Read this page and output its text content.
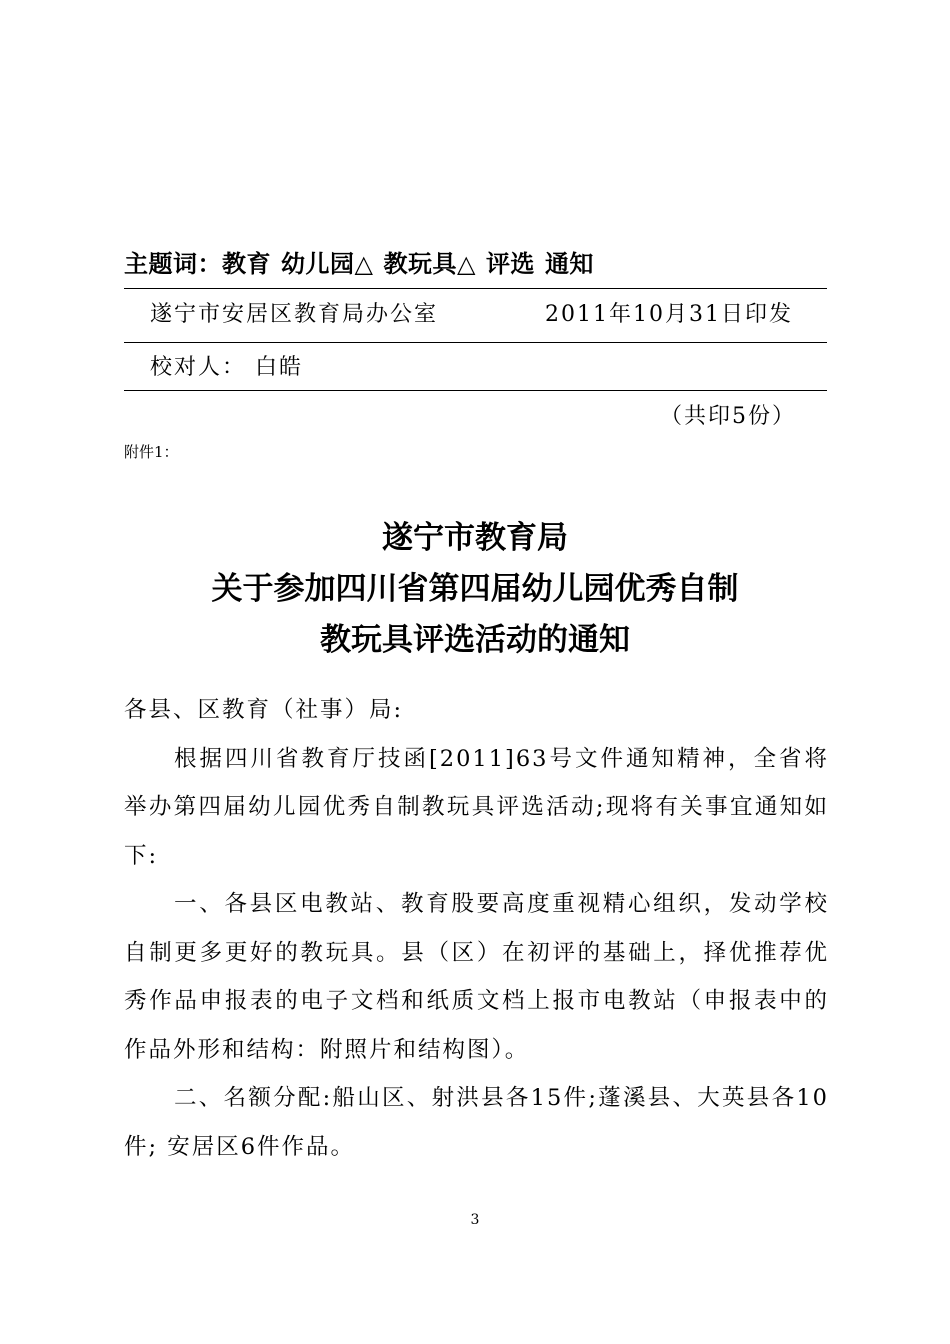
主题词：教育 幼儿园△ 教玩具△ 评选 通知
遂宁市安居区教育局办公室	2011年10月31日印发
校对人： 白皓
（共印5份）
附件1：
遂宁市教育局
关于参加四川省第四届幼儿园优秀自制
教玩具评选活动的通知

各县、区教育（社事）局:

根据四川省教育厅技函[2011]63号文件通知精神，全省将举办第四届幼儿园优秀自制教玩具评选活动;现将有关事宜通知如下:

一、各县区电教站、教育股要高度重视精心组织，发动学校自制更多更好的教玩具。县（区）在初评的基础上，择优推荐优秀作品申报表的电子文档和纸质文档上报市电教站（申报表中的作品外形和结构：附照片和结构图）。

二、名额分配:船山区、射洪县各15件;蓬溪县、大英县各10件; 安居区6件作品。

3
